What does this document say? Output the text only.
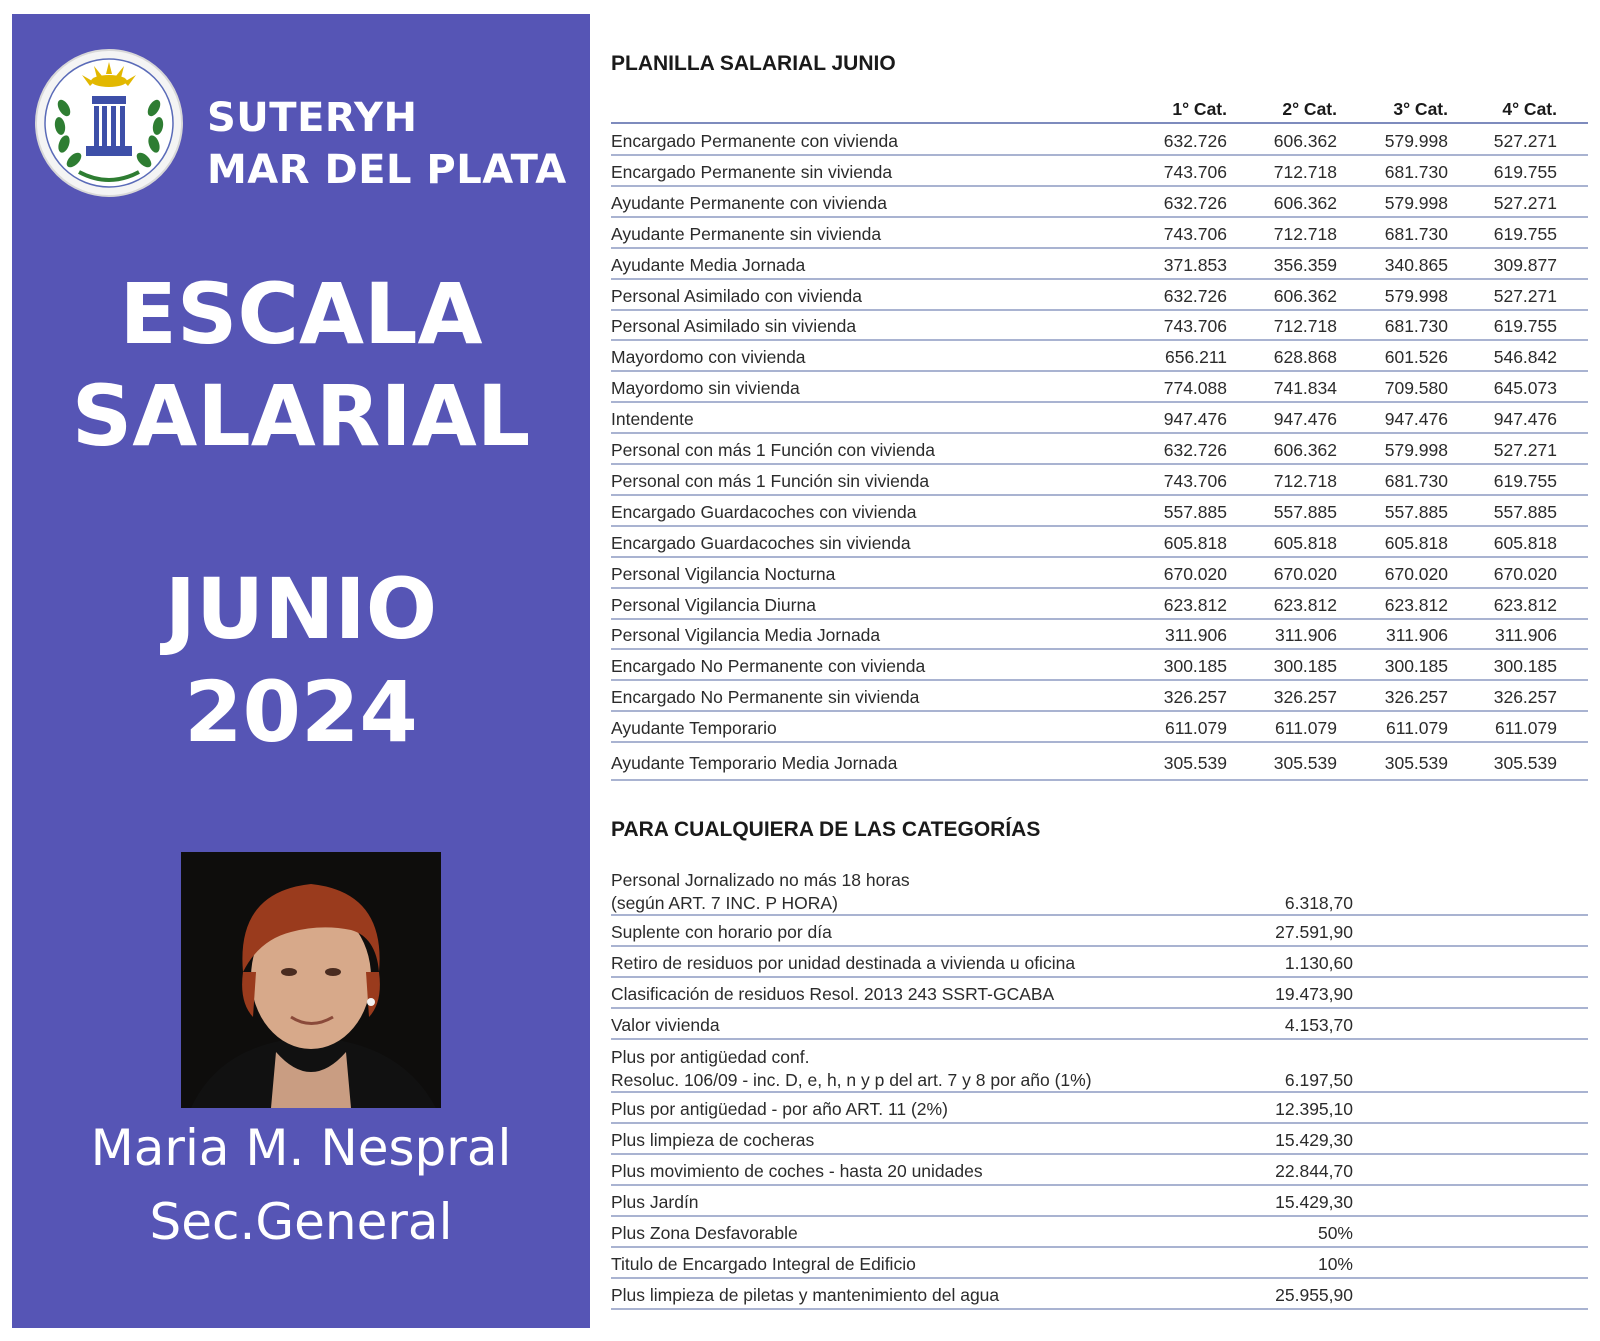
SUTERYH
MAR DEL PLATA
ESCALA
SALARIAL
JUNIO
2024
Maria M. Nespral
Sec.General
PLANILLA SALARIAL JUNIO
1° Cat.	2° Cat.	3° Cat.	4° Cat.
Encargado Permanente con vivienda	632.726	606.362	579.998	527.271
Encargado Permanente sin vivienda	743.706	712.718	681.730	619.755
Ayudante Permanente con vivienda	632.726	606.362	579.998	527.271
Ayudante Permanente sin vivienda	743.706	712.718	681.730	619.755
Ayudante Media Jornada	371.853	356.359	340.865	309.877
Personal Asimilado con vivienda	632.726	606.362	579.998	527.271
Personal Asimilado sin vivienda	743.706	712.718	681.730	619.755
Mayordomo con vivienda	656.211	628.868	601.526	546.842
Mayordomo sin vivienda	774.088	741.834	709.580	645.073
Intendente	947.476	947.476	947.476	947.476
Personal con más 1 Función con vivienda	632.726	606.362	579.998	527.271
Personal con más 1 Función sin vivienda	743.706	712.718	681.730	619.755
Encargado Guardacoches con vivienda	557.885	557.885	557.885	557.885
Encargado Guardacoches sin vivienda	605.818	605.818	605.818	605.818
Personal Vigilancia Nocturna	670.020	670.020	670.020	670.020
Personal Vigilancia Diurna	623.812	623.812	623.812	623.812
Personal Vigilancia Media Jornada	311.906	311.906	311.906	311.906
Encargado No Permanente con vivienda	300.185	300.185	300.185	300.185
Encargado No Permanente sin vivienda	326.257	326.257	326.257	326.257
Ayudante Temporario	611.079	611.079	611.079	611.079
Ayudante Temporario Media Jornada	305.539	305.539	305.539	305.539
PARA CUALQUIERA DE LAS CATEGORÍAS
Personal Jornalizado no más 18 horas
(según ART. 7 INC. P HORA)	6.318,70
Suplente con horario por día	27.591,90
Retiro de residuos por unidad destinada a vivienda u oficina	1.130,60
Clasificación de residuos Resol. 2013 243 SSRT-GCABA	19.473,90
Valor vivienda	4.153,70
Plus por antigüedad conf.
Resoluc. 106/09 - inc. D, e, h, n y p del art. 7 y 8 por año (1%)	6.197,50
Plus por antigüedad - por año ART. 11 (2%)	12.395,10
Plus limpieza de cocheras	15.429,30
Plus movimiento de coches - hasta 20 unidades	22.844,70
Plus Jardín	15.429,30
Plus Zona Desfavorable	50%
Titulo de Encargado Integral de Edificio	10%
Plus limpieza de piletas y mantenimiento del agua	25.955,90
